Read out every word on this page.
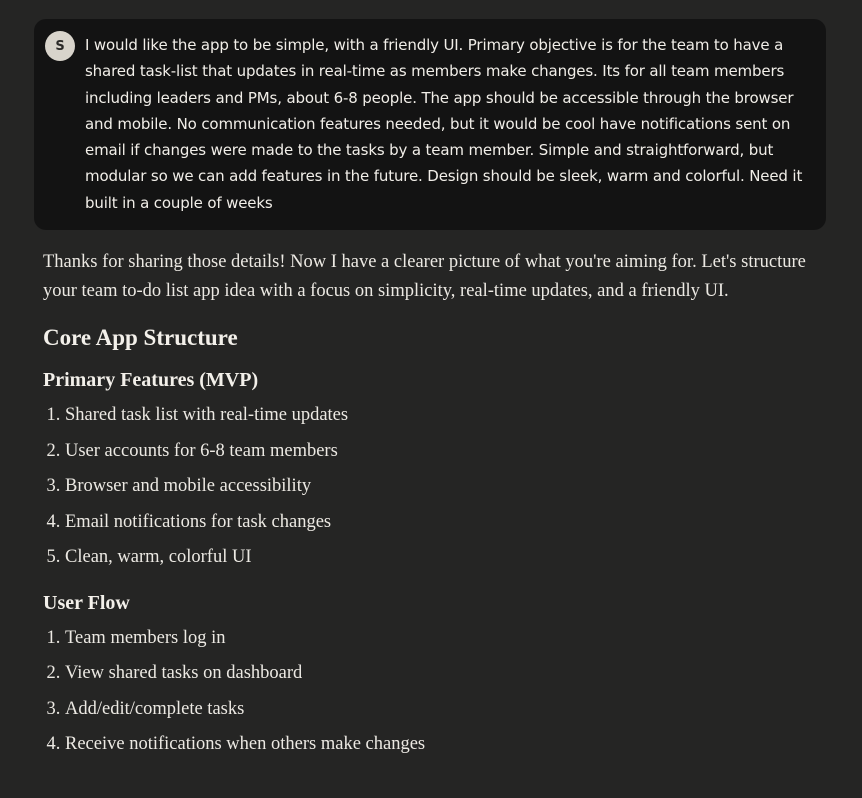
S	I would like the app to be simple, with a friendly UI. Primary objective is for the team to have a shared task-list that updates in real-time as members make changes. Its for all team members including leaders and PMs, about 6-8 people. The app should be accessible through the browser and mobile. No communication features needed, but it would be cool have notifications sent on email if changes were made to the tasks by a team member. Simple and straightforward, but modular so we can add features in the future. Design should be sleek, warm and colorful. Need it built in a couple of weeks

Thanks for sharing those details! Now I have a clearer picture of what you're aiming for. Let's structure your team to-do list app idea with a focus on simplicity, real-time updates, and a friendly UI.

Core App Structure
Primary Features (MVP)
1 . Shared task list with real-time updates
2 . User accounts for 6-8 team members
3 . Browser and mobile accessibility
4 . Email notifications for task changes
5 . Clean, warm, colorful UI
User Flow
1 . Team members log in
2 . View shared tasks on dashboard
3 . Add/edit/complete tasks
4 . Receive notifications when others make changes
